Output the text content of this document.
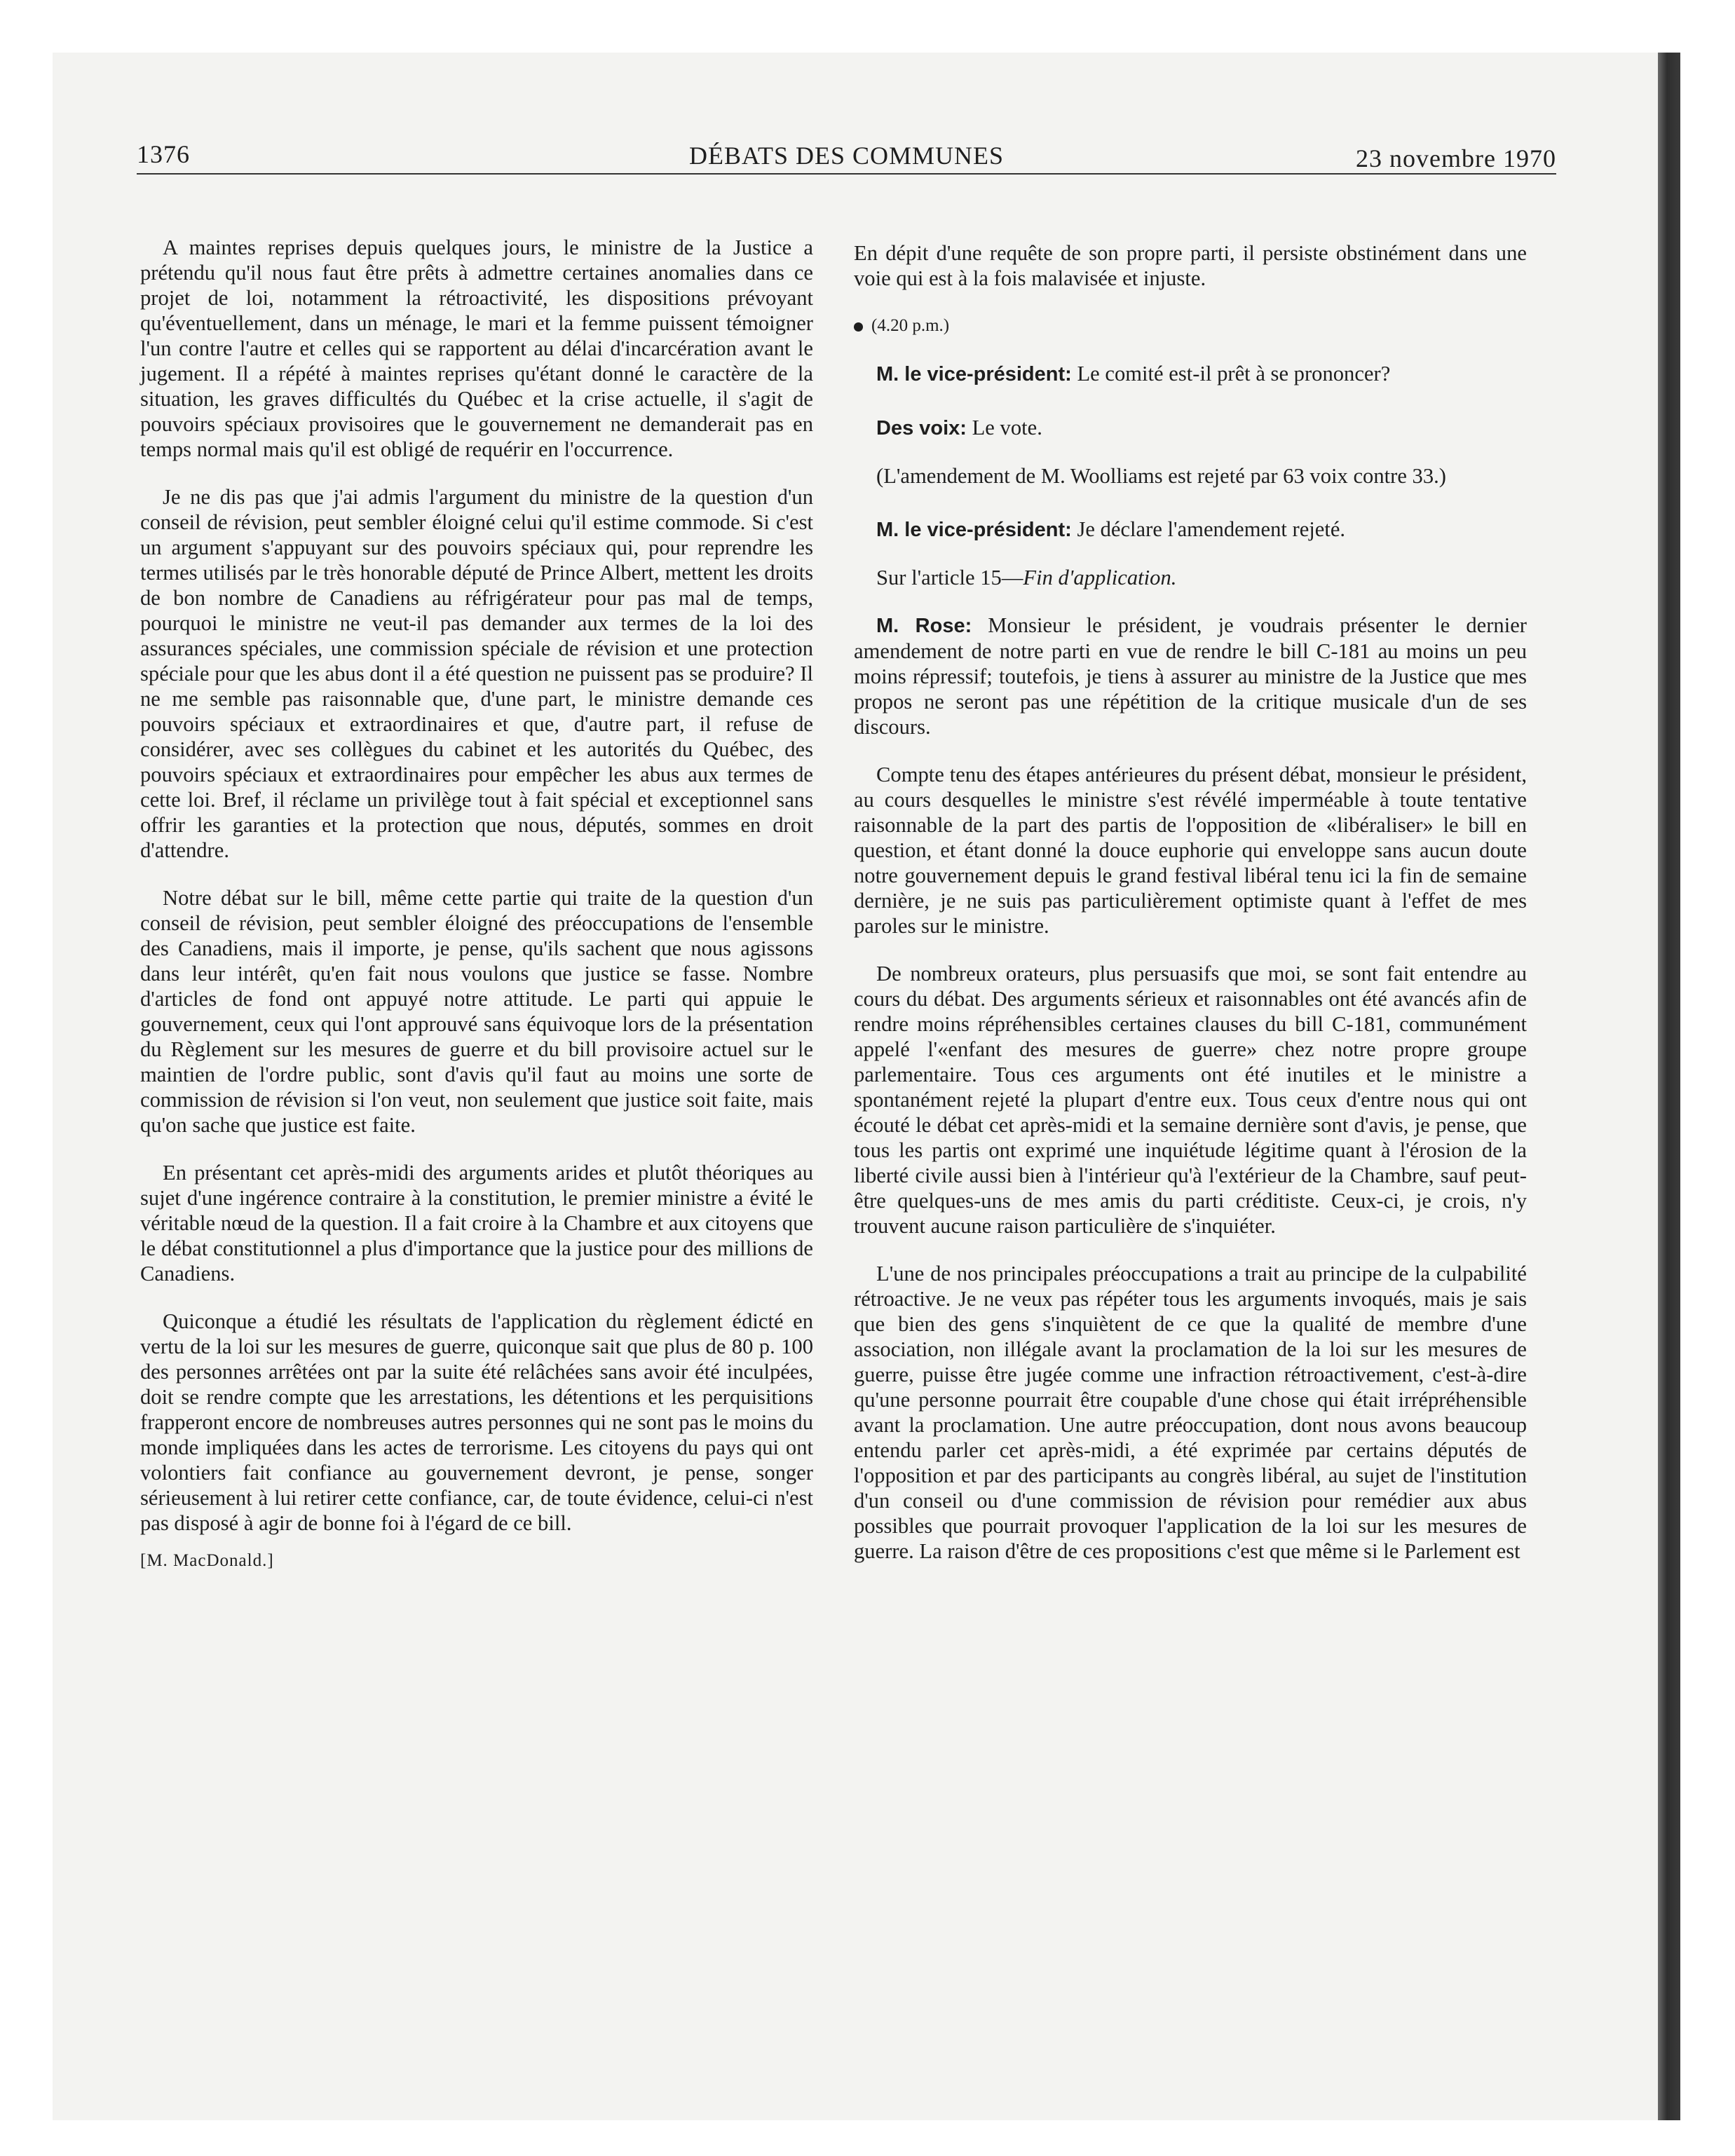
1376	DÉBATS DES COMMUNES	23 novembre 1970

A maintes reprises depuis quelques jours, le ministre de la Justice a prétendu qu'il nous faut être prêts à admettre certaines anomalies dans ce projet de loi, notamment la rétroactivité, les dispositions prévoyant qu'éventuellement, dans un ménage, le mari et la femme puissent témoigner l'un contre l'autre et celles qui se rapportent au délai d'incarcération avant le jugement. Il a répété à maintes reprises qu'étant donné le caractère de la situation, les graves difficultés du Québec et la crise actuelle, il s'agit de pouvoirs spéciaux provisoires que le gouvernement ne demanderait pas en temps normal mais qu'il est obligé de requérir en l'occurrence.

Je ne dis pas que j'ai admis l'argument du ministre de la question d'un conseil de révision, peut sembler éloigné celui qu'il estime commode. Si c'est un argument s'appuyant sur des pouvoirs spéciaux qui, pour reprendre les termes utilisés par le très honorable député de Prince Albert, mettent les droits de bon nombre de Canadiens au réfrigérateur pour pas mal de temps, pourquoi le ministre ne veut-il pas demander aux termes de la loi des assurances spéciales, une commission spéciale de révision et une protection spéciale pour que les abus dont il a été question ne puissent pas se produire? Il ne me semble pas raisonnable que, d'une part, le ministre demande ces pouvoirs spéciaux et extraordinaires et que, d'autre part, il refuse de considérer, avec ses collègues du cabinet et les autorités du Québec, des pouvoirs spéciaux et extraordinaires pour empêcher les abus aux termes de cette loi. Bref, il réclame un privilège tout à fait spécial et exceptionnel sans offrir les garanties et la protection que nous, députés, sommes en droit d'attendre.

Notre débat sur le bill, même cette partie qui traite de la question d'un conseil de révision, peut sembler éloigné des préoccupations de l'ensemble des Canadiens, mais il importe, je pense, qu'ils sachent que nous agissons dans leur intérêt, qu'en fait nous voulons que justice se fasse. Nombre d'articles de fond ont appuyé notre attitude. Le parti qui appuie le gouvernement, ceux qui l'ont approuvé sans équivoque lors de la présentation du Règlement sur les mesures de guerre et du bill provisoire actuel sur le maintien de l'ordre public, sont d'avis qu'il faut au moins une sorte de commission de révision si l'on veut, non seulement que justice soit faite, mais qu'on sache que justice est faite.

En présentant cet après-midi des arguments arides et plutôt théoriques au sujet d'une ingérence contraire à la constitution, le premier ministre a évité le véritable nœud de la question. Il a fait croire à la Chambre et aux citoyens que le débat constitutionnel a plus d'importance que la justice pour des millions de Canadiens.

Quiconque a étudié les résultats de l'application du règlement édicté en vertu de la loi sur les mesures de guerre, quiconque sait que plus de 80 p. 100 des personnes arrêtées ont par la suite été relâchées sans avoir été inculpées, doit se rendre compte que les arrestations, les détentions et les perquisitions frapperont encore de nombreuses autres personnes qui ne sont pas le moins du monde impliquées dans les actes de terrorisme. Les citoyens du pays qui ont volontiers fait confiance au gouvernement devront, je pense, songer sérieusement à lui retirer cette confiance, car, de toute évidence, celui-ci n'est pas disposé à agir de bonne foi à l'égard de ce bill.

[M. MacDonald.]

En dépit d'une requête de son propre parti, il persiste obstinément dans une voie qui est à la fois malavisée et injuste.

(4.20 p.m.)

M. le vice-président: Le comité est-il prêt à se prononcer?

Des voix: Le vote.

(L'amendement de M. Woolliams est rejeté par 63 voix contre 33.)

M. le vice-président: Je déclare l'amendement rejeté.

Sur l'article 15—Fin d'application.

M. Rose: Monsieur le président, je voudrais présenter le dernier amendement de notre parti en vue de rendre le bill C-181 au moins un peu moins répressif; toutefois, je tiens à assurer au ministre de la Justice que mes propos ne seront pas une répétition de la critique musicale d'un de ses discours.

Compte tenu des étapes antérieures du présent débat, monsieur le président, au cours desquelles le ministre s'est révélé imperméable à toute tentative raisonnable de la part des partis de l'opposition de «libéraliser» le bill en question, et étant donné la douce euphorie qui enveloppe sans aucun doute notre gouvernement depuis le grand festival libéral tenu ici la fin de semaine dernière, je ne suis pas particulièrement optimiste quant à l'effet de mes paroles sur le ministre.

De nombreux orateurs, plus persuasifs que moi, se sont fait entendre au cours du débat. Des arguments sérieux et raisonnables ont été avancés afin de rendre moins répréhensibles certaines clauses du bill C-181, communément appelé l'«enfant des mesures de guerre» chez notre propre groupe parlementaire. Tous ces arguments ont été inutiles et le ministre a spontanément rejeté la plupart d'entre eux. Tous ceux d'entre nous qui ont écouté le débat cet après-midi et la semaine dernière sont d'avis, je pense, que tous les partis ont exprimé une inquiétude légitime quant à l'érosion de la liberté civile aussi bien à l'intérieur qu'à l'extérieur de la Chambre, sauf peut-être quelques-uns de mes amis du parti créditiste. Ceux-ci, je crois, n'y trouvent aucune raison particulière de s'inquiéter.

L'une de nos principales préoccupations a trait au principe de la culpabilité rétroactive. Je ne veux pas répéter tous les arguments invoqués, mais je sais que bien des gens s'inquiètent de ce que la qualité de membre d'une association, non illégale avant la proclamation de la loi sur les mesures de guerre, puisse être jugée comme une infraction rétroactivement, c'est-à-dire qu'une personne pourrait être coupable d'une chose qui était irrépréhensible avant la proclamation. Une autre préoccupation, dont nous avons beaucoup entendu parler cet après-midi, a été exprimée par certains députés de l'opposition et par des participants au congrès libéral, au sujet de l'institution d'un conseil ou d'une commission de révision pour remédier aux abus possibles que pourrait provoquer l'application de la loi sur les mesures de guerre. La raison d'être de ces propositions c'est que même si le Parlement est
